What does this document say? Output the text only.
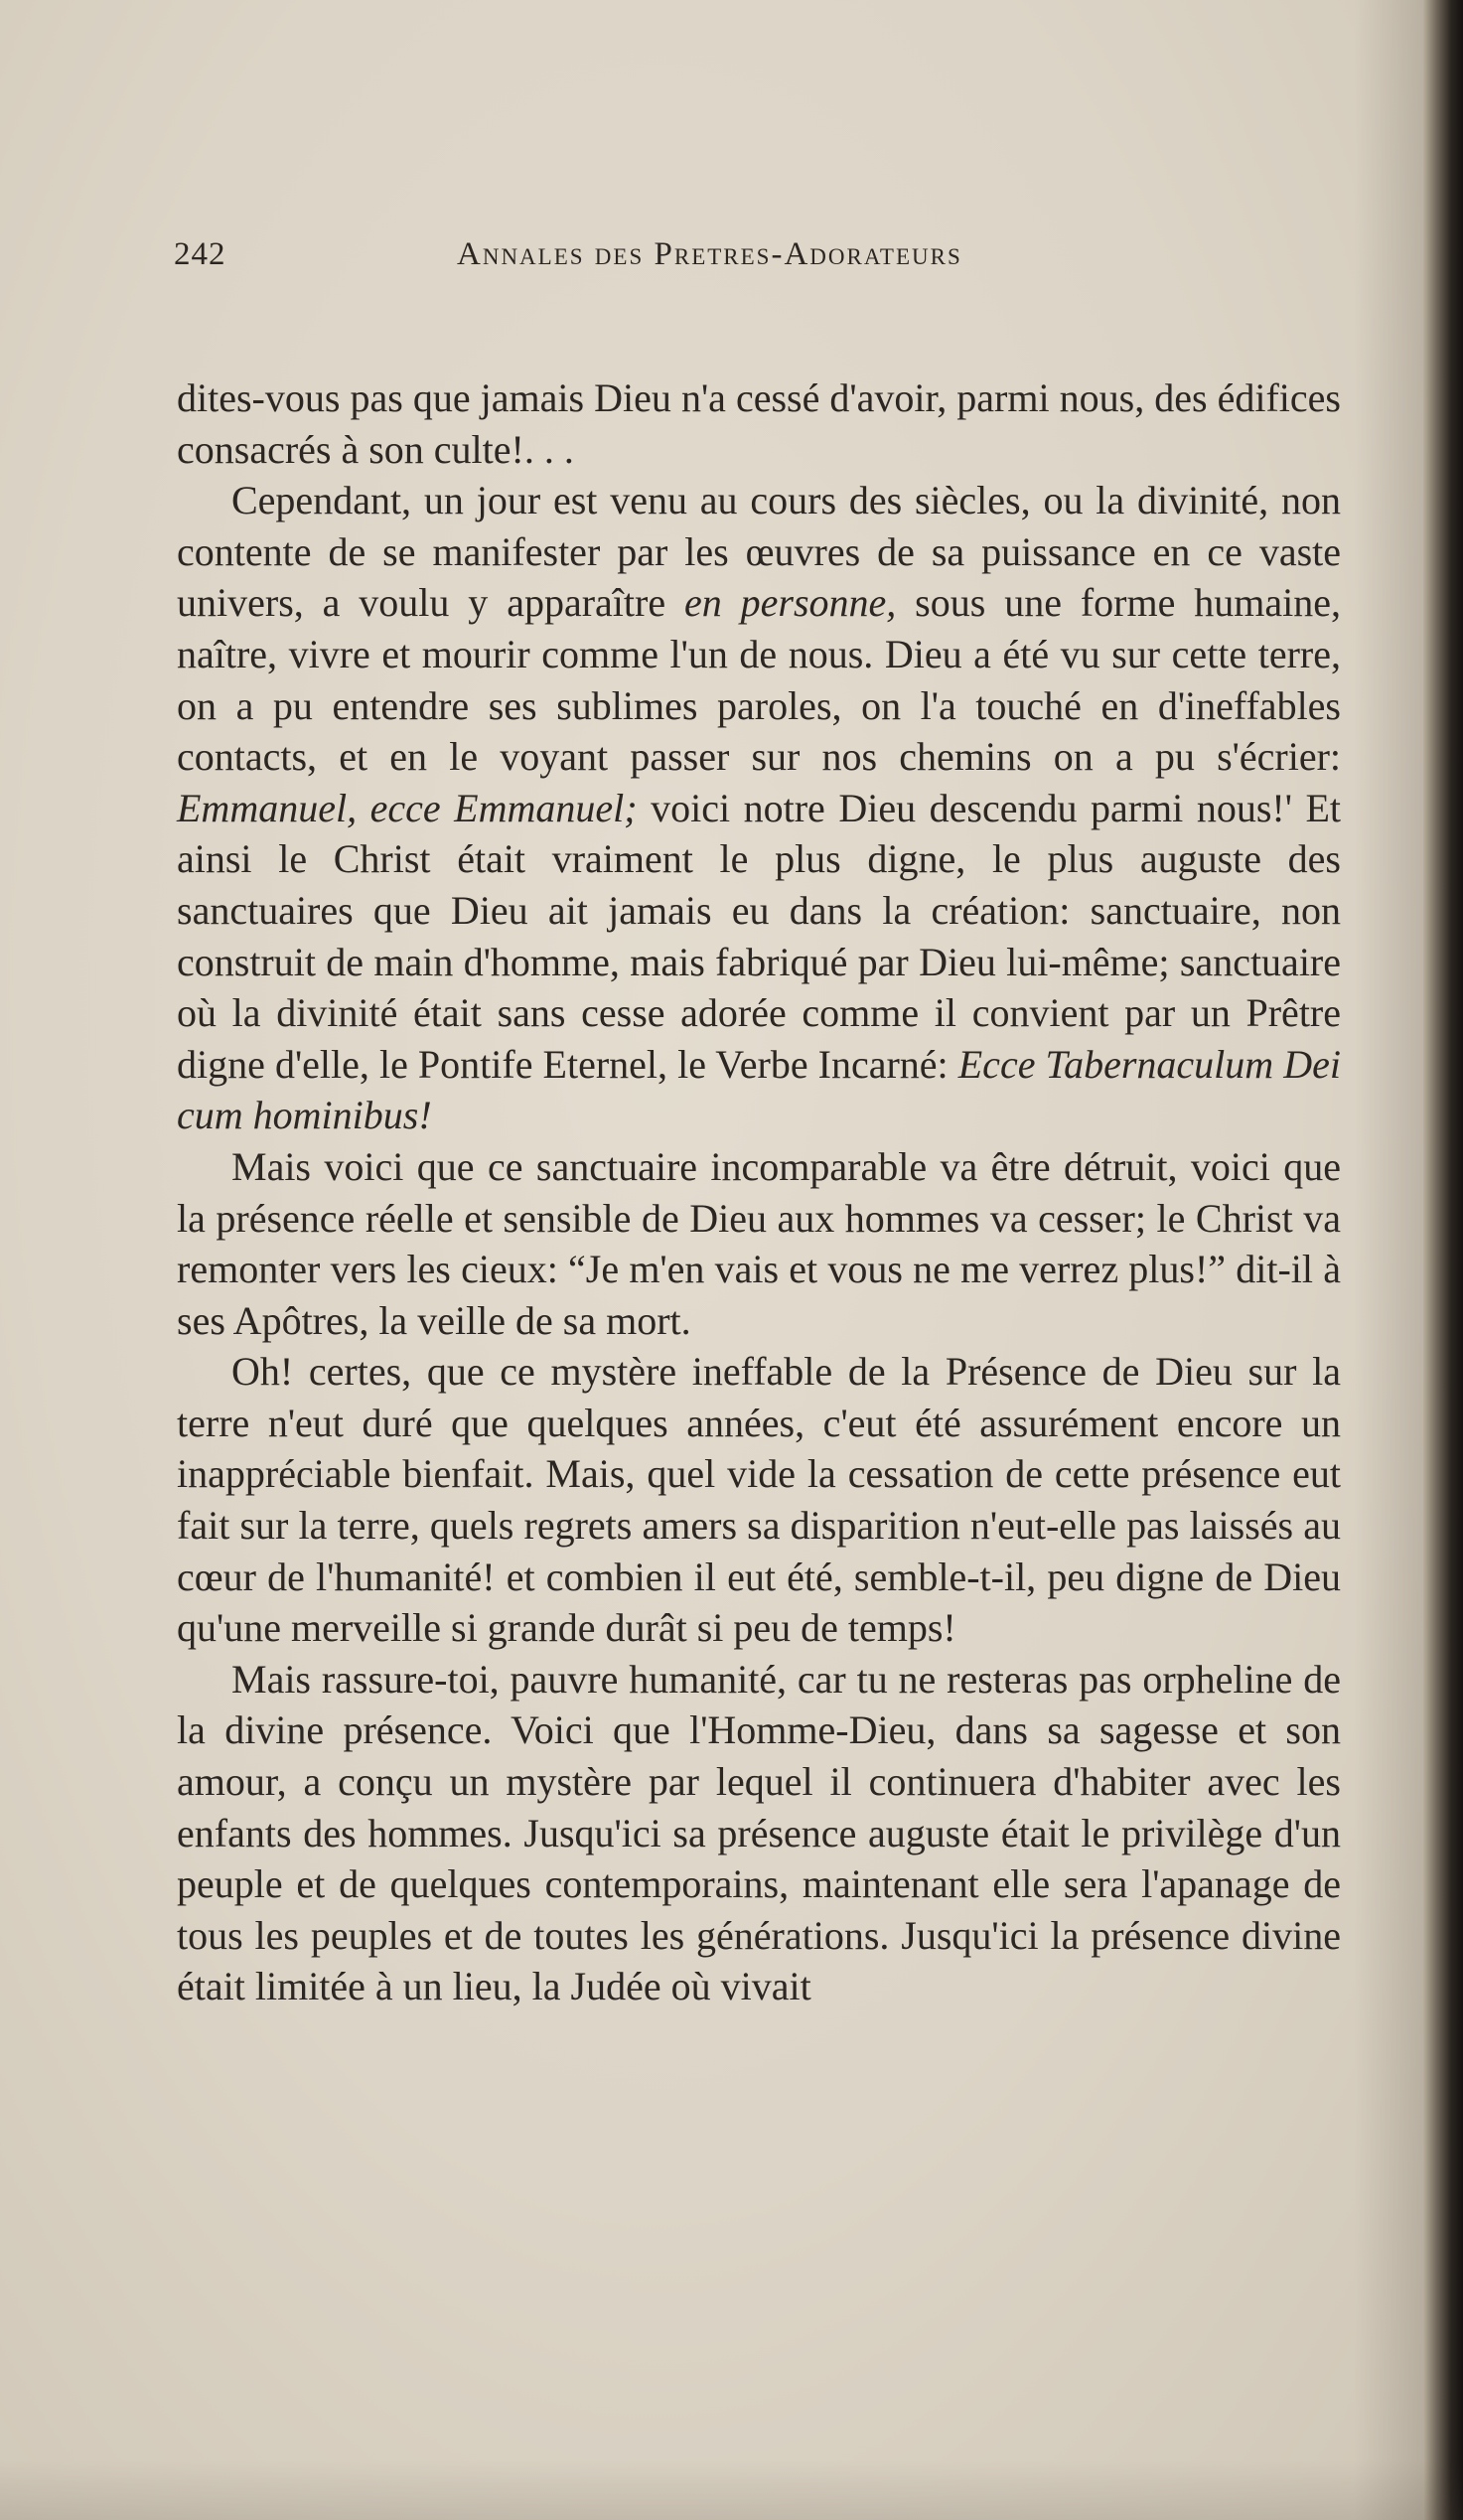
242	Annales des Pretres-Adorateurs

dites-vous pas que jamais Dieu n'a cessé d'avoir, parmi nous, des édifices consacrés à son culte!. . .

Cependant, un jour est venu au cours des siècles, ou la divinité, non contente de se manifester par les œuvres de sa puissance en ce vaste univers, a voulu y apparaître en personne, sous une forme humaine, naître, vivre et mourir comme l'un de nous. Dieu a été vu sur cette terre, on a pu entendre ses sublimes paroles, on l'a touché en d'ineffables contacts, et en le voyant passer sur nos chemins on a pu s'écrier: Emmanuel, ecce Emmanuel; voici notre Dieu descendu parmi nous!' Et ainsi le Christ était vraiment le plus digne, le plus auguste des sanctuaires que Dieu ait jamais eu dans la création: sanctuaire, non construit de main d'homme, mais fabriqué par Dieu lui-même; sanctuaire où la divinité était sans cesse adorée comme il convient par un Prêtre digne d'elle, le Pontife Eternel, le Verbe Incarné: Ecce Tabernaculum Dei cum hominibus!

Mais voici que ce sanctuaire incomparable va être détruit, voici que la présence réelle et sensible de Dieu aux hommes va cesser; le Christ va remonter vers les cieux: “Je m'en vais et vous ne me verrez plus!” dit-il à ses Apôtres, la veille de sa mort.

Oh! certes, que ce mystère ineffable de la Présence de Dieu sur la terre n'eut duré que quelques années, c'eut été assurément encore un inappréciable bienfait. Mais, quel vide la cessation de cette présence eut fait sur la terre, quels regrets amers sa disparition n'eut-elle pas laissés au cœur de l'humanité! et combien il eut été, semble-t-il, peu digne de Dieu qu'une merveille si grande durât si peu de temps!

Mais rassure-toi, pauvre humanité, car tu ne resteras pas orpheline de la divine présence. Voici que l'Homme-Dieu, dans sa sagesse et son amour, a conçu un mystère par lequel il continuera d'habiter avec les enfants des hommes. Jusqu'ici sa présence auguste était le privilège d'un peuple et de quelques contemporains, maintenant elle sera l'apanage de tous les peuples et de toutes les générations. Jusqu'ici la présence divine était limitée à un lieu, la Judée où vivait
